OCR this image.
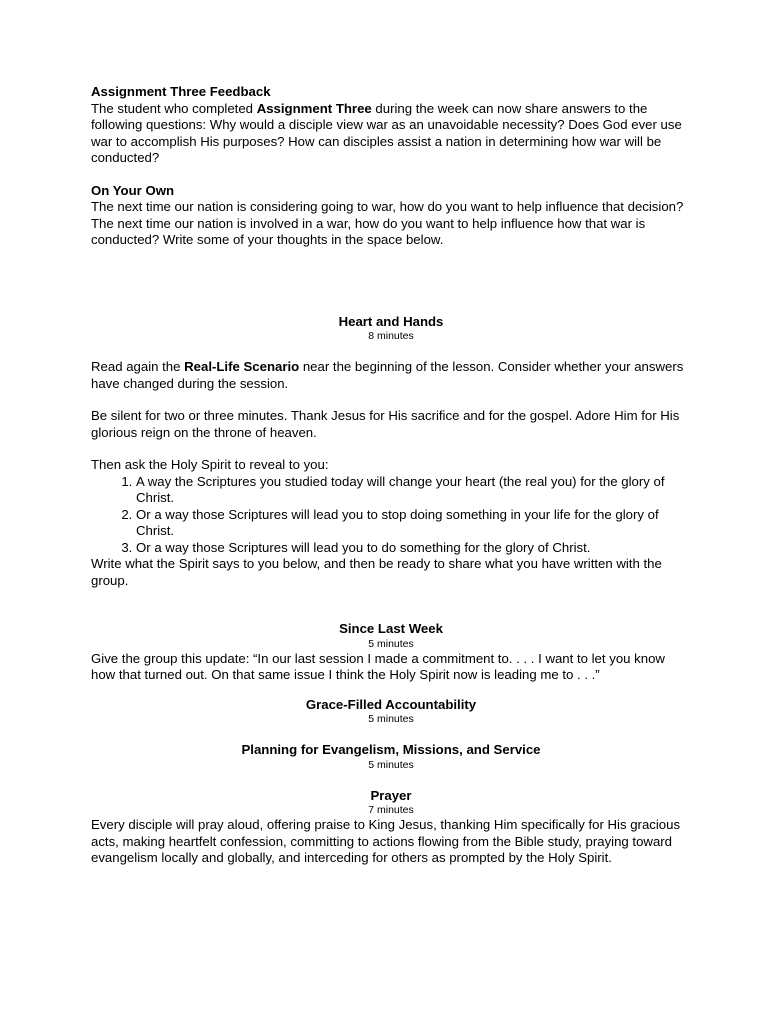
Assignment Three Feedback

The student who completed Assignment Three during the week can now share answers to the following questions: Why would a disciple view war as an unavoidable necessity? Does God ever use war to accomplish His purposes? How can disciples assist a nation in determining how war will be conducted?

On Your Own

The next time our nation is considering going to war, how do you want to help influence that decision? The next time our nation is involved in a war, how do you want to help influence how that war is conducted? Write some of your thoughts in the space below.

Heart and Hands

8 minutes

Read again the Real-Life Scenario near the beginning of the lesson. Consider whether your answers have changed during the session.

Be silent for two or three minutes. Thank Jesus for His sacrifice and for the gospel. Adore Him for His glorious reign on the throne of heaven.

Then ask the Holy Spirit to reveal to you:

1. A way the Scriptures you studied today will change your heart (the real you) for the glory of Christ.
2. Or a way those Scriptures will lead you to stop doing something in your life for the glory of Christ.
3. Or a way those Scriptures will lead you to do something for the glory of Christ.

Write what the Spirit says to you below, and then be ready to share what you have written with the group.

Since Last Week

5 minutes

Give the group this update: “In our last session I made a commitment to. . . . I want to let you know how that turned out. On that same issue I think the Holy Spirit now is leading me to . . .”

Grace-Filled Accountability

5 minutes

Planning for Evangelism, Missions, and Service

5 minutes

Prayer

7 minutes

Every disciple will pray aloud, offering praise to King Jesus, thanking Him specifically for His gracious acts, making heartfelt confession, committing to actions flowing from the Bible study, praying toward evangelism locally and globally, and interceding for others as prompted by the Holy Spirit.
